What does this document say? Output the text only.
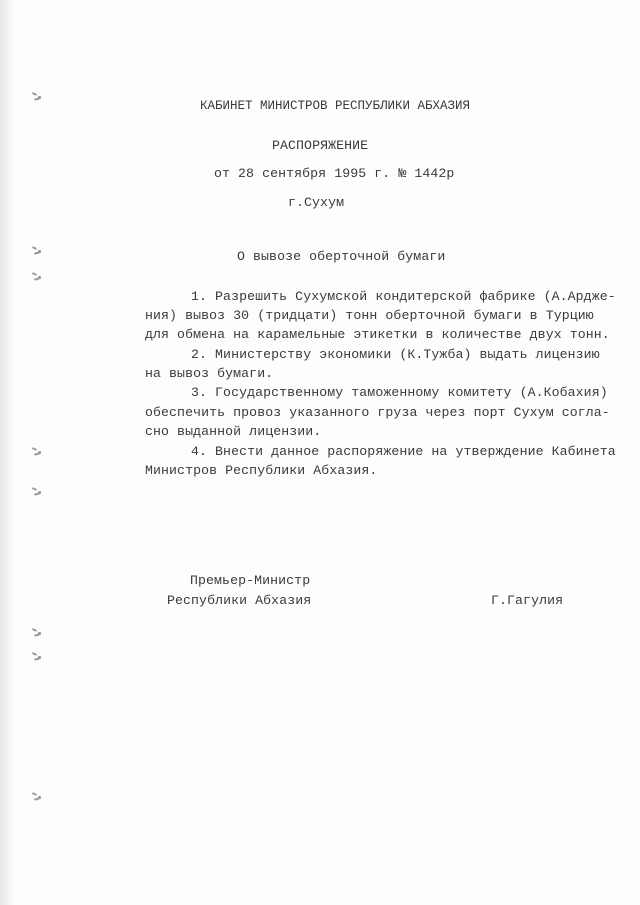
КАБИНЕТ МИНИСТРОВ РЕСПУБЛИКИ АБХАЗИЯ
РАСПОРЯЖЕНИЕ
от 28 сентября 1995 г. № 1442р
г.Сухум
О вывозе оберточной бумаги
1. Разрешить Сухумской кондитерской фабрике (А.Арджe-
ния) вывоз 30 (тридцати) тонн оберточной бумаги в Турцию
для обмена на карамельные этикетки в количестве двух тонн.
2. Министерству экономики (К.Тужба) выдать лицензию
на вывоз бумаги.
3. Государственному таможенному комитету (А.Кобахия)
обеспечить провоз указанного груза через порт Сухум согла-
сно выданной лицензии.
4. Внести данное распоряжение на утверждение Кабинета
Министров Республики Абхазия.
Премьер-Министр
Республики Абхазия	Г.Гагулия
